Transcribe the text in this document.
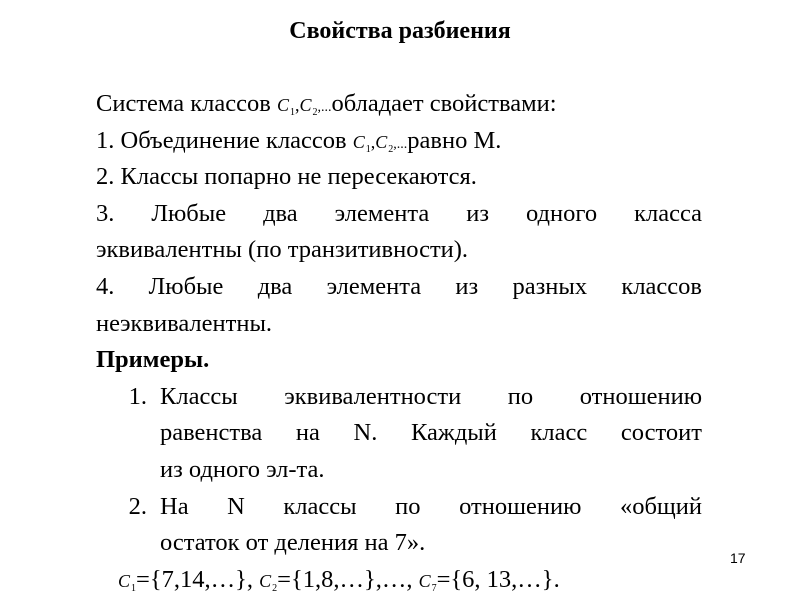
Свойства разбиения
Система классов $C_1,C_2,...обладает$ свойствами:
1. Объединение классов $C_1,C_2,...равно$ M.
2. Классы попарно не пересекаются.
3. Любые два элемента из одного класса
эквивалентны (по транзитивности).
4. Любые два элемента из разных классов
неэквивалентны.
Примеры.
1. Классы эквивалентности по отношению
равенства на N. Каждый класс состоит
из одного эл-та.
2. На N классы по отношению «общий
остаток от деления на 7».
$C_1=\{7,14,\dots\}$, $C_2=\{1,8,\dots\},\dots$, $C_7=\{6$, 13,…}.
17
